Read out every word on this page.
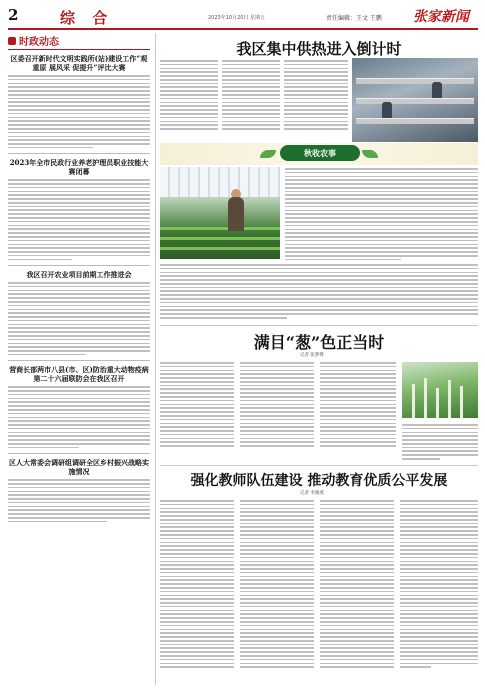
2	综 合	2023年10月20日 星期五	责任编辑：王文 王鹏 张家新闻
时政动态
区委召开新时代文明实践所(站)建设工作“观重原 展风采 促提升”评比大赛
2023年全市民政行业养老护理员职业技能大赛闭幕
我区召开农业项目前期工作推进会
营商长部两市八县(市、区)防治重大动物疫病第二十六届联防会在我区召开
区人大常委会调研组调研全区乡村振兴战略实施情况
我区集中供热进入倒计时
秋收农事
满目“葱”色正当时
记者 张梦烨
强化教师队伍建设 推动教育优质公平发展
记者 李晓燕
